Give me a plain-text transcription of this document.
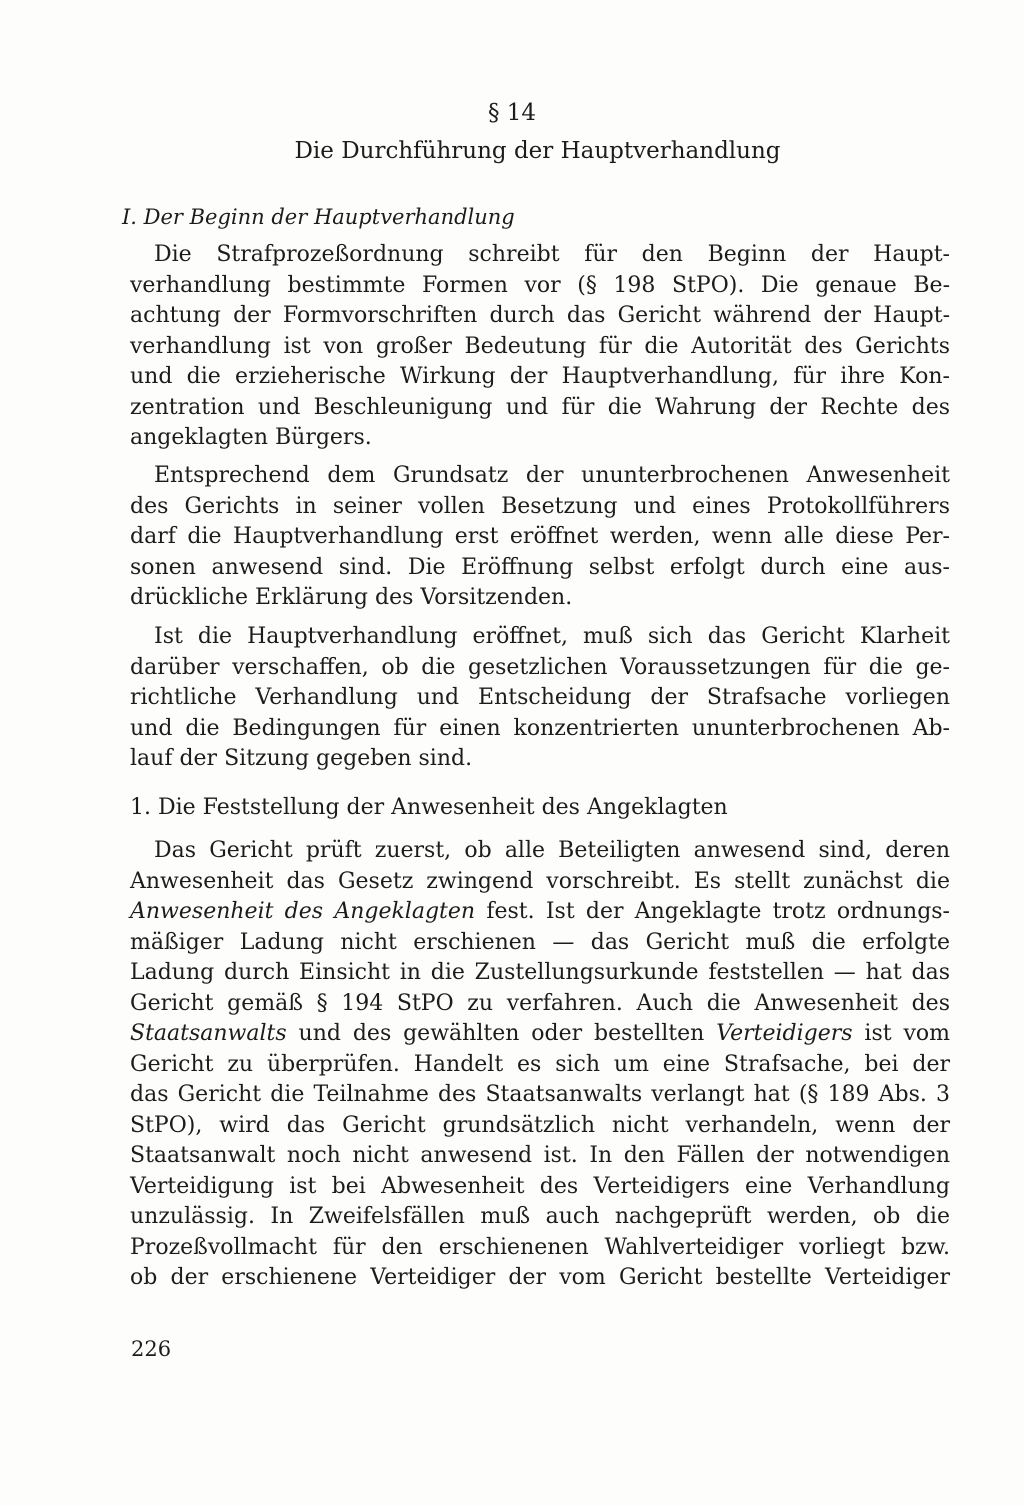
§ 14
Die Durchführung der Hauptverhandlung
I. Der Beginn der Hauptverhandlung
Die Strafprozeßordnung schreibt für den Beginn der Haupt-
verhandlung bestimmte Formen vor (§ 198 StPO). Die genaue Be-
achtung der Formvorschriften durch das Gericht während der Haupt-
verhandlung ist von großer Bedeutung für die Autorität des Gerichts
und die erzieherische Wirkung der Hauptverhandlung, für ihre Kon-
zentration und Beschleunigung und für die Wahrung der Rechte des
angeklagten Bürgers.
Entsprechend dem Grundsatz der ununterbrochenen Anwesenheit
des Gerichts in seiner vollen Besetzung und eines Protokollführers
darf die Hauptverhandlung erst eröffnet werden, wenn alle diese Per-
sonen anwesend sind. Die Eröffnung selbst erfolgt durch eine aus-
drückliche Erklärung des Vorsitzenden.
Ist die Hauptverhandlung eröffnet, muß sich das Gericht Klarheit
darüber verschaffen, ob die gesetzlichen Voraussetzungen für die ge-
richtliche Verhandlung und Entscheidung der Strafsache vorliegen
und die Bedingungen für einen konzentrierten ununterbrochenen Ab-
lauf der Sitzung gegeben sind.
1. Die Feststellung der Anwesenheit des Angeklagten
Das Gericht prüft zuerst, ob alle Beteiligten anwesend sind, deren
Anwesenheit das Gesetz zwingend vorschreibt. Es stellt zunächst die
Anwesenheit des Angeklagten fest. Ist der Angeklagte trotz ordnungs-
mäßiger Ladung nicht erschienen — das Gericht muß die erfolgte
Ladung durch Einsicht in die Zustellungsurkunde feststellen — hat das
Gericht gemäß § 194 StPO zu verfahren. Auch die Anwesenheit des
Staatsanwalts und des gewählten oder bestellten Verteidigers ist vom
Gericht zu überprüfen. Handelt es sich um eine Strafsache, bei der
das Gericht die Teilnahme des Staatsanwalts verlangt hat (§ 189 Abs. 3
StPO), wird das Gericht grundsätzlich nicht verhandeln, wenn der
Staatsanwalt noch nicht anwesend ist. In den Fällen der notwendigen
Verteidigung ist bei Abwesenheit des Verteidigers eine Verhandlung
unzulässig. In Zweifelsfällen muß auch nachgeprüft werden, ob die
Prozeßvollmacht für den erschienenen Wahlverteidiger vorliegt bzw.
ob der erschienene Verteidiger der vom Gericht bestellte Verteidiger
226
